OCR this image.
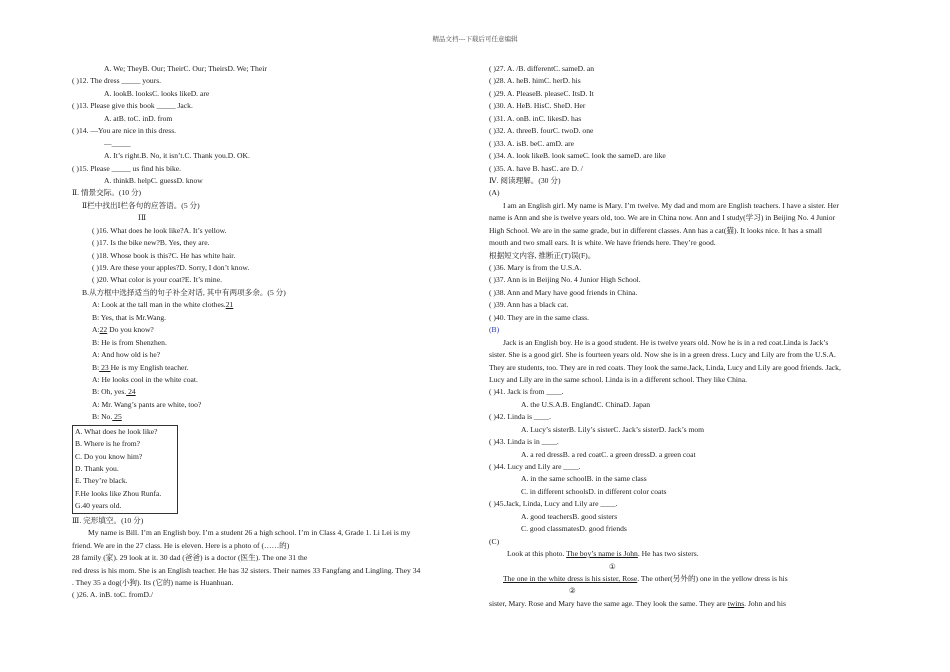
精品文档---下载后可任意编辑
A. We; TheyB. Our; TheirC. Our; TheirsD. We; Their
( )12. The dress _____ yours.
A. lookB. looksC. looks likeD. are
( )13. Please give this book _____ Jack.
A. atB. toC. inD. from
( )14. —You are nice in this dress.
—_____
A. It’s right.B. No, it isn’t.C. Thank you.D. OK.
( )15. Please _____ us find his bike.
A. thinkB. helpC. guessD. know
Ⅱ. 情景交际。(10 分)
Ⅱ栏中找出Ⅰ栏各句的应答语。(5 分)
ⅠⅡ
( )16. What does he look like?A. It’s yellow.
( )17. Is the bike new?B. Yes, they are.
( )18. Whose book is this?C. He has white hair.
( )19. Are these your apples?D. Sorry, I don’t know.
( )20. What color is your coat?E. It’s mine.
B.从方框中选择适当的句子补全对话, 其中有两项多余。(5 分)
A: Look at the tall man in the white clothes.21
B: Yes, that is Mr.Wang.
A:22 Do you know?
B: He is from Shenzhen.
A: And how old is he?
B: 23 He is my English teacher.
A: He looks cool in the white coat.
B: Oh, yes. 24
A: Mr. Wang’s pants are white, too?
B: No. 25
A. What does he look like?
B. Where is he from?
C. Do you know him?
D. Thank you.
E. They’re black.
F.He looks like Zhou Runfa.
G.40 years old.
Ⅲ. 完形填空。(10 分)
My name is Bill. I’m an English boy. I’m a student 26 a high school. I’m in Class 4, Grade 1. Li Lei is my
friend. We are in the 27 class. He is eleven. Here is a photo of (……的)
28 family (家). 29 look at it. 30 dad (爸爸) is a doctor (医生). The one 31 the
red dress is his mom. She is an English teacher. He has 32 sisters. Their names 33 Fangfang and Lingling. They 34
. They 35 a dog(小狗). Its (它的) name is Huanhuan.
( )26. A. inB. toC. fromD./
( )27. A. /B. differentC. sameD. an
( )28. A. heB. himC. herD. his
( )29. A. PleaseB. pleaseC. ItsD. It
( )30. A. HeB. HisC. SheD. Her
( )31. A. onB. inC. likesD. has
( )32. A. threeB. fourC. twoD. one
( )33. A. isB. beC. amD. are
( )34. A. look likeB. look sameC. look the sameD. are like
( )35. A. have B. hasC. are D. /
Ⅳ. 阅读理解。(30 分)
(A)
I am an English girl. My name is Mary. I’m twelve. My dad and mom are English teachers. I have a sister. Her
name is Ann and she is twelve years old, too. We are in China now. Ann and I study(学习) in Beijing No. 4 Junior
High School. We are in the same grade, but in different classes. Ann has a cat(猫). It looks nice. It has a small
mouth and two small ears. It is white. We have friends here. They’re good.
根据短文内容, 推断正(T)误(F)。
( )36. Mary is from the U.S.A.
( )37. Ann is in Beijing No. 4 Junior High School.
( )38. Ann and Mary have good friends in China.
( )39. Ann has a black cat.
( )40. They are in the same class.
(B)
Jack is an English boy. He is a good student. He is twelve years old. Now he is in a red coat.Linda is Jack’s
sister. She is a good girl. She is fourteen years old. Now she is in a green dress. Lucy and Lily are from the U.S.A.
They are students, too. They are in red coats. They look the same.Jack, Linda, Lucy and Lily are good friends. Jack,
Lucy and Lily are in the same school. Linda is in a different school. They like China.
( )41. Jack is from ____.
A. the U.S.A.B. EnglandC. ChinaD. Japan
( )42. Linda is ____.
A. Lucy’s sisterB. Lily’s sisterC. Jack’s sisterD. Jack’s mom
( )43. Linda is in ____.
A. a red dressB. a red coatC. a green dressD. a green coat
( )44. Lucy and Lily are ____.
A. in the same schoolB. in the same class
C. in different schoolsD. in different color coats
( )45.Jack, Linda, Lucy and Lily are ____.
A. good teachersB. good sisters
C. good classmatesD. good friends
(C)
Look at this photo. The boy’s name is John. He has two sisters.
①
The one in the white dress is his sister, Rose. The other(另外的) one in the yellow dress is his
②
sister, Mary. Rose and Mary have the same age. They look the same. They are twins. John and his
